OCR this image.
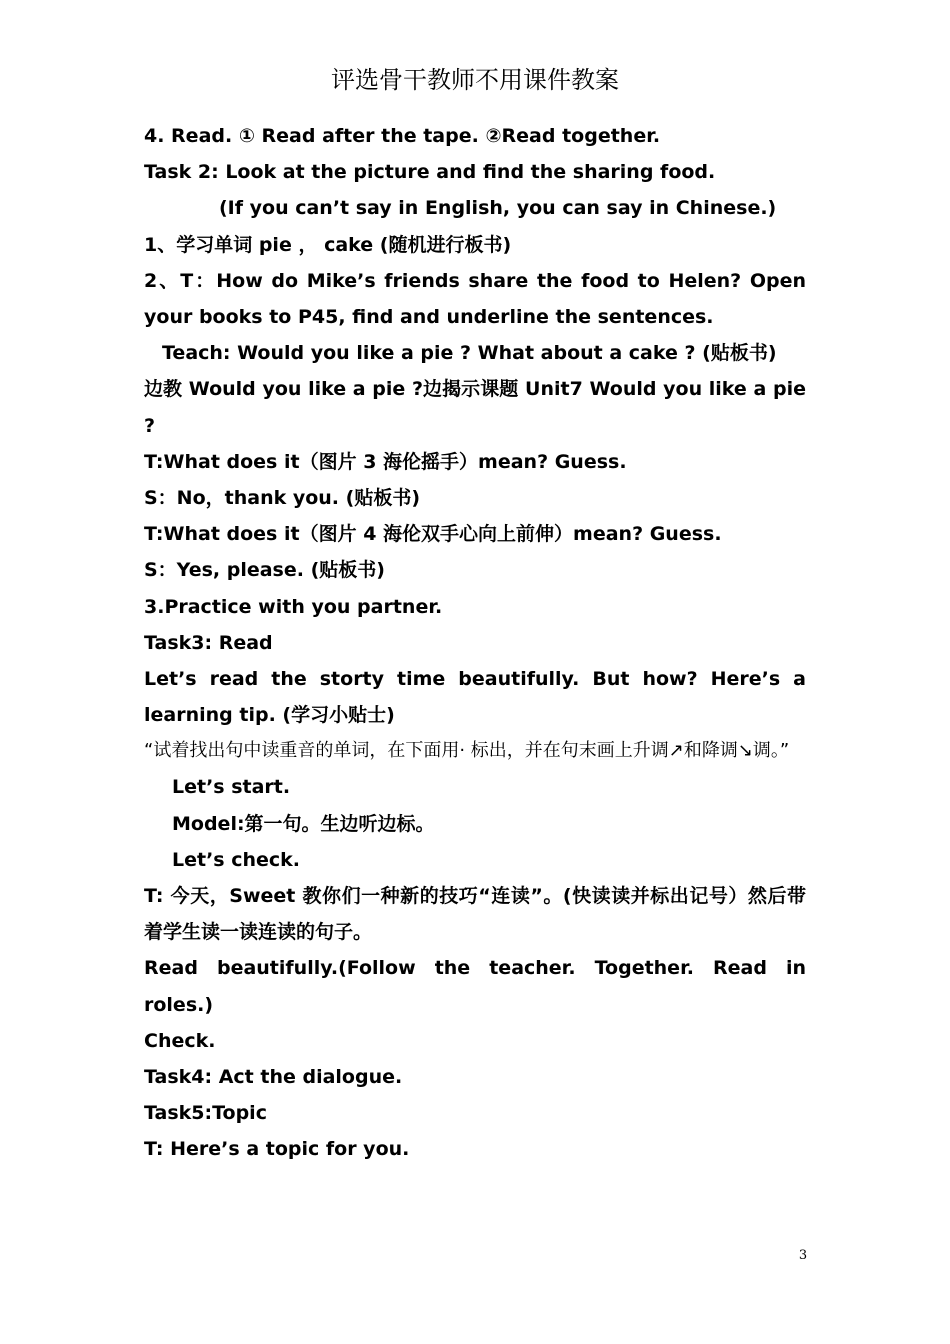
评选骨干教师不用课件教案
4. Read. ① Read after the tape. ②Read together.
Task 2: Look at the picture and find the sharing food.
(If you can’t say in English, you can say in Chinese.)
1、学习单词 pie ， cake (随机进行板书)
2、T：How do Mike’s friends share the food to Helen? Open your books to P45, find and underline the sentences.
Teach: Would you like a pie ? What about a cake ? (贴板书)
边教 Would you like a pie ?边揭示课题 Unit7 Would you like a pie ?
T:What does it（图片 3 海伦摇手）mean? Guess.
S：No，thank you. (贴板书)
T:What does it（图片 4 海伦双手心向上前伸）mean? Guess.
S：Yes, please. (贴板书)
3.Practice with you partner.
Task3: Read
Let’s read the storty time beautifully. But how? Here’s a learning tip. (学习小贴士)
“试着找出句中读重音的单词，在下面用· 标出，并在句末画上升调↗和降调↘调。”
Let’s start.
Model:第一句。生边听边标。
Let’s check.
T: 今天，Sweet 教你们一种新的技巧“连读”。(快读读并标出记号）然后带着学生读一读连读的句子。
Read beautifully.(Follow the teacher. Together. Read in roles.)
Check.
Task4: Act the dialogue.
Task5:Topic
T: Here’s a topic for you.
3
